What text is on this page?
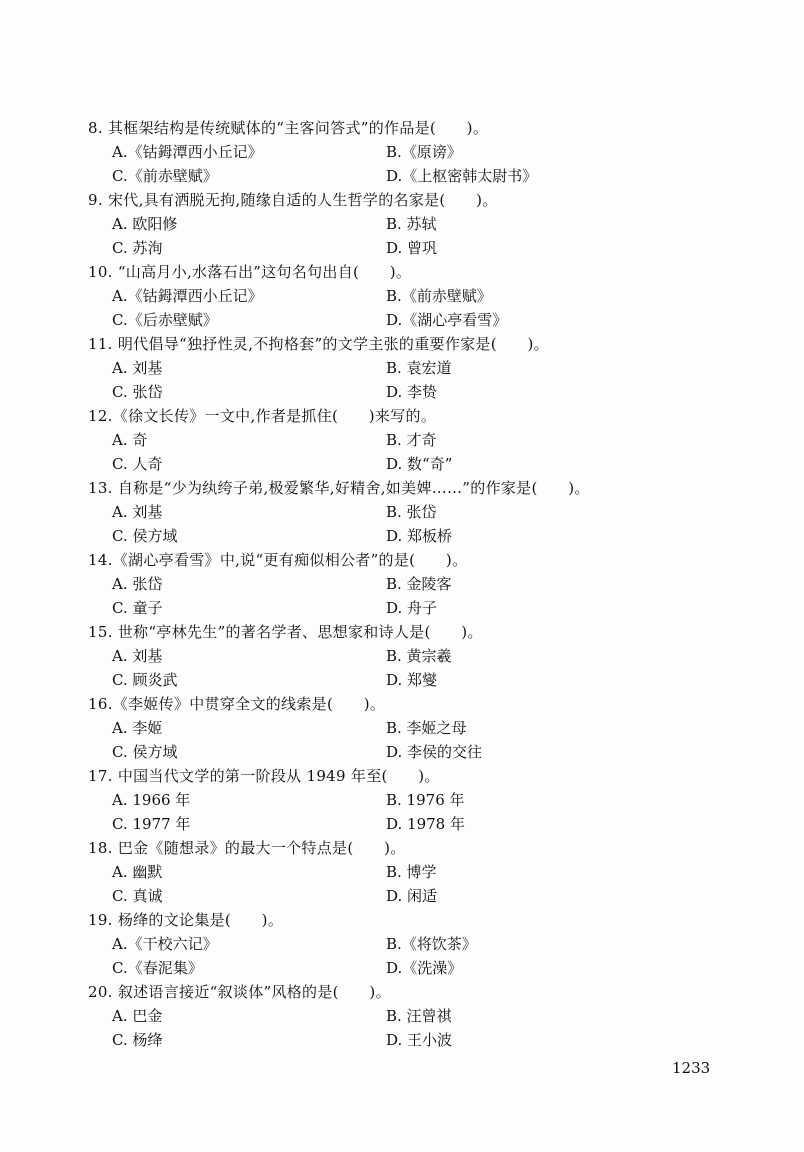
8. 其框架结构是传统赋体的“主客问答式”的作品是(　　)。
A.《钴鉧潭西小丘记》	B.《原谤》
C.《前赤壁赋》	D.《上枢密韩太尉书》
9. 宋代,具有洒脱无拘,随缘自适的人生哲学的名家是(　　)。
A. 欧阳修	B. 苏轼
C. 苏洵	D. 曾巩
10. “山高月小,水落石出”这句名句出自(　　)。
A.《钴鉧潭西小丘记》	B.《前赤壁赋》
C.《后赤壁赋》	D.《湖心亭看雪》
11. 明代倡导“独抒性灵,不拘格套”的文学主张的重要作家是(　　)。
A. 刘基	B. 袁宏道
C. 张岱	D. 李贽
12.《徐文长传》一文中,作者是抓住(　　)来写的。
A. 奇	B. 才奇
C. 人奇	D. 数“奇”
13. 自称是“少为纨绔子弟,极爱繁华,好精舍,如美婢……”的作家是(　　)。
A. 刘基	B. 张岱
C. 侯方域	D. 郑板桥
14.《湖心亭看雪》中,说“更有痴似相公者”的是(　　)。
A. 张岱	B. 金陵客
C. 童子	D. 舟子
15. 世称“亭林先生”的著名学者、思想家和诗人是(　　)。
A. 刘基	B. 黄宗羲
C. 顾炎武	D. 郑燮
16.《李姬传》中贯穿全文的线索是(　　)。
A. 李姬	B. 李姬之母
C. 侯方域	D. 李侯的交往
17. 中国当代文学的第一阶段从 1949 年至(　　)。
A. 1966 年	B. 1976 年
C. 1977 年	D. 1978 年
18. 巴金《随想录》的最大一个特点是(　　)。
A. 幽默	B. 博学
C. 真诚	D. 闲适
19. 杨绛的文论集是(　　)。
A.《干校六记》	B.《将饮茶》
C.《春泥集》	D.《洗澡》
20. 叙述语言接近“叙谈体”风格的是(　　)。
A. 巴金	B. 汪曾祺
C. 杨绛	D. 王小波
1233
